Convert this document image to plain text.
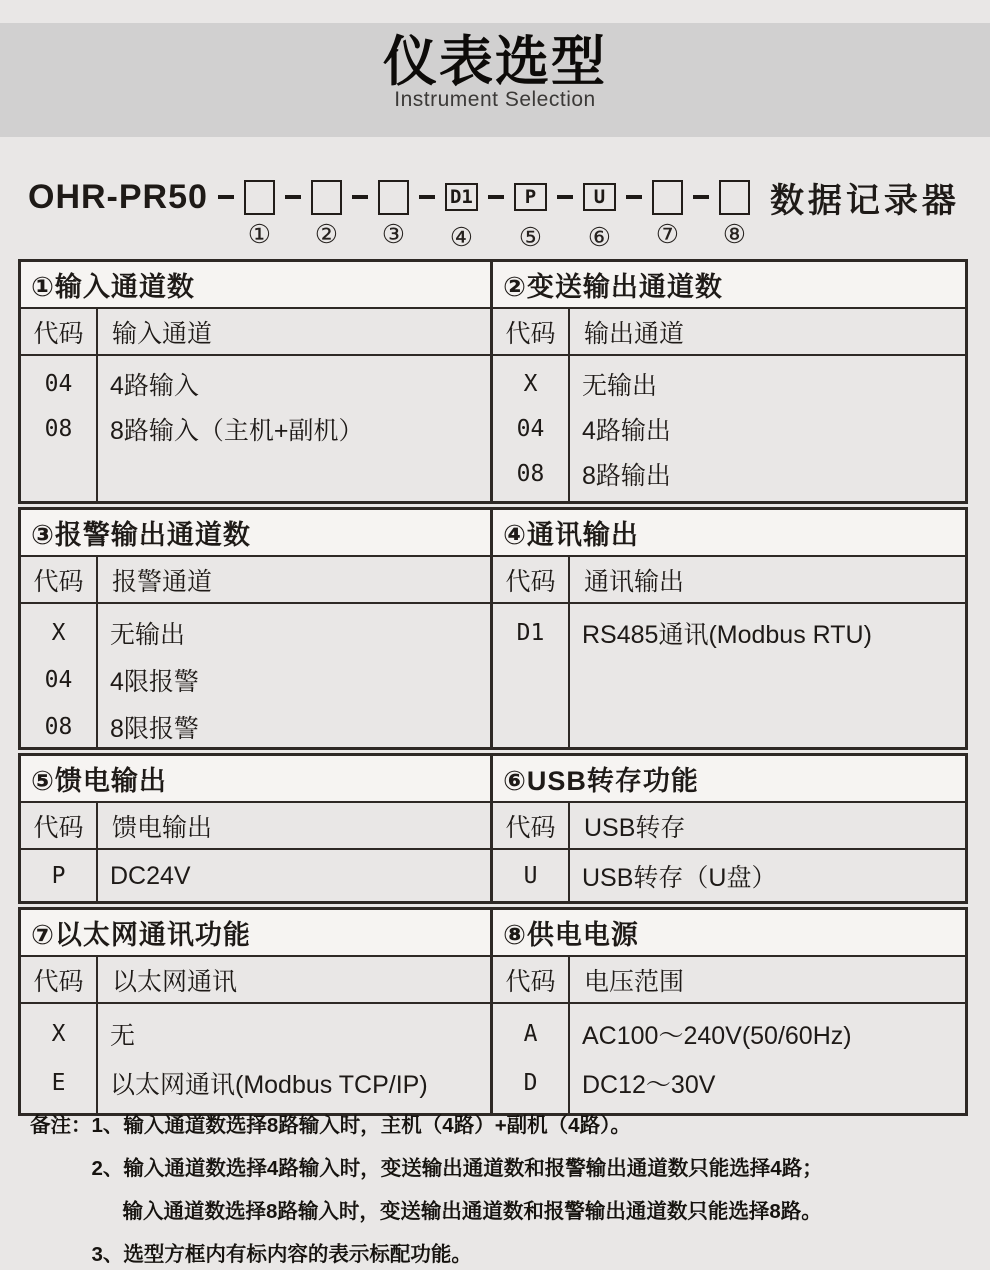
仪表选型
Instrument Selection
OHR-PR50
① ② ③
D1
④
P
⑤
U
⑥ ⑦ ⑧
数据记录器
①输入通道数
代码	输入通道
04	4路输入
08	8路输入（主机+副机）
②变送输出通道数
代码	输出通道
X	无输出
04	4路输出
08	8路输出
③报警输出通道数
代码	报警通道
X	无输出
04	4限报警
08	8限报警
④通讯输出
代码	通讯输出
D1	RS485通讯(Modbus RTU)
⑤馈电输出
代码	馈电输出
P	DC24V
⑥USB转存功能
代码	USB转存
U	USB转存（U盘）
⑦以太网通讯功能
代码	以太网通讯
X	无
E	以太网通讯(Modbus TCP/IP)
⑧供电电源
代码	电压范围
A	AC100～240V(50/60Hz)
D	DC12～30V
备注： 1、输入通道数选择8路输入时，主机（4路）+副机（4路）。
2、输入通道数选择4路输入时，变送输出通道数和报警输出通道数只能选择4路；
输入通道数选择8路输入时，变送输出通道数和报警输出通道数只能选择8路。
3、选型方框内有标内容的表示标配功能。
